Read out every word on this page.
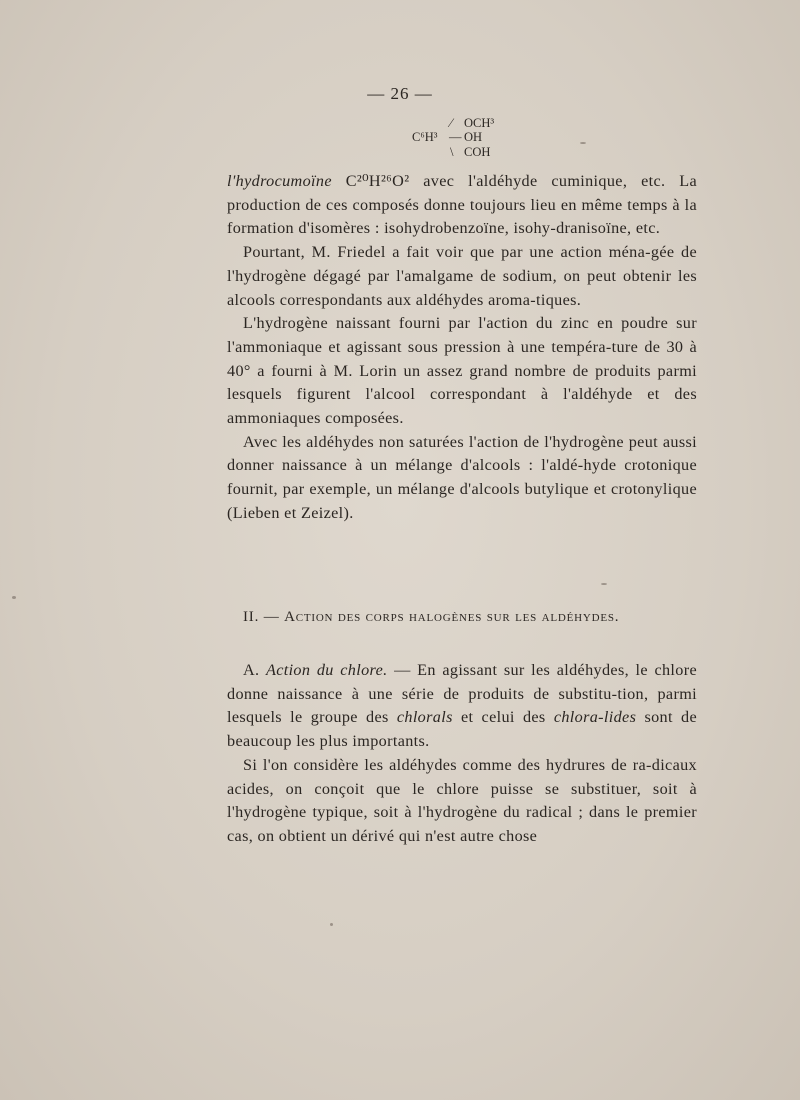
— 26 —
⁄ OCH³
C⁶H³ — OH
\ COH

l'hydrocumoïne C²⁰H²⁶O² avec l'aldéhyde cuminique, etc. La production de ces composés donne toujours lieu en même temps à la formation d'isomères : isohydrobenzoïne, isohy-dranisoïne, etc.

Pourtant, M. Friedel a fait voir que par une action ména-gée de l'hydrogène dégagé par l'amalgame de sodium, on peut obtenir les alcools correspondants aux aldéhydes aroma-tiques.

L'hydrogène naissant fourni par l'action du zinc en poudre sur l'ammoniaque et agissant sous pression à une tempéra-ture de 30 à 40° a fourni à M. Lorin un assez grand nombre de produits parmi lesquels figurent l'alcool correspondant à l'aldéhyde et des ammoniaques composées.

Avec les aldéhydes non saturées l'action de l'hydrogène peut aussi donner naissance à un mélange d'alcools : l'aldé-hyde crotonique fournit, par exemple, un mélange d'alcools butylique et crotonylique (Lieben et Zeizel).

II. — Action des corps halogènes sur les aldéhydes.

A. Action du chlore. — En agissant sur les aldéhydes, le chlore donne naissance à une série de produits de substitu-tion, parmi lesquels le groupe des chlorals et celui des chlora-lides sont de beaucoup les plus importants.

Si l'on considère les aldéhydes comme des hydrures de ra-dicaux acides, on conçoit que le chlore puisse se substituer, soit à l'hydrogène typique, soit à l'hydrogène du radical ; dans le premier cas, on obtient un dérivé qui n'est autre chose
